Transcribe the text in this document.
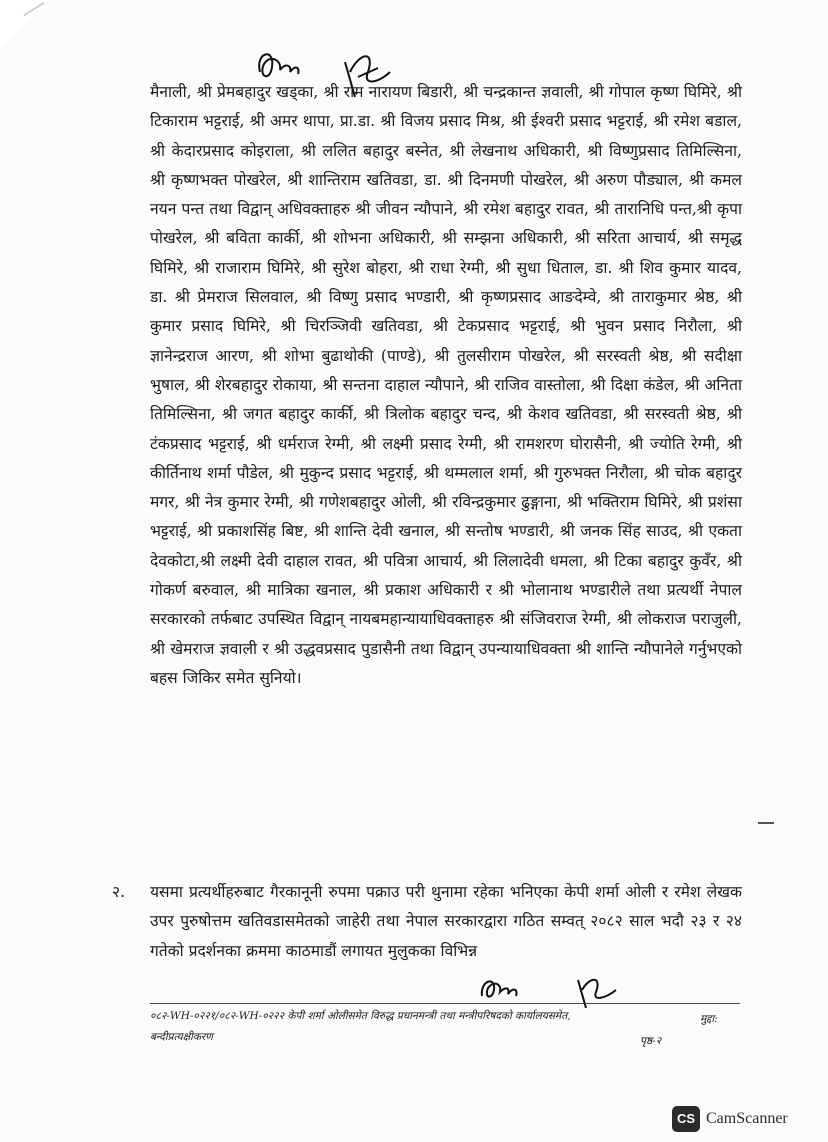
मैनाली, श्री प्रेमबहादुर खड्का, श्री राम नारायण बिडारी, श्री चन्द्रकान्त ज्ञवाली, श्री गोपाल कृष्ण घिमिरे, श्री टिकाराम भट्टराई, श्री अमर थापा, प्रा.डा. श्री विजय प्रसाद मिश्र, श्री ईश्वरी प्रसाद भट्टराई, श्री रमेश बडाल, श्री केदारप्रसाद कोइराला, श्री ललित बहादुर बस्नेत, श्री लेखनाथ अधिकारी, श्री विष्णुप्रसाद तिमिल्सिना, श्री कृष्णभक्त पोखरेल, श्री शान्तिराम खतिवडा, डा. श्री दिनमणी पोखरेल, श्री अरुण पौड्याल, श्री कमल नयन पन्त तथा विद्वान् अधिवक्ताहरु श्री जीवन न्यौपाने, श्री रमेश बहादुर रावत, श्री तारानिधि पन्त,श्री कृपा पोखरेल, श्री बविता कार्की, श्री शोभना अधिकारी, श्री सम्झना अधिकारी, श्री सरिता आचार्य, श्री समृद्ध घिमिरे, श्री राजाराम घिमिरे, श्री सुरेश बोहरा, श्री राधा रेग्मी, श्री सुधा धिताल, डा. श्री शिव कुमार यादव, डा. श्री प्रेमराज सिलवाल, श्री विष्णु प्रसाद भण्डारी, श्री कृष्णप्रसाद आङदेम्वे, श्री ताराकुमार श्रेष्ठ, श्री कुमार प्रसाद घिमिरे, श्री चिरञ्जिवी खतिवडा, श्री टेकप्रसाद भट्टराई, श्री भुवन प्रसाद निरौला, श्री ज्ञानेन्द्रराज आरण, श्री शोभा बुढाथोकी (पाण्डे), श्री तुलसीराम पोखरेल, श्री सरस्वती श्रेष्ठ, श्री सदीक्षा भुषाल, श्री शेरबहादुर रोकाया, श्री सन्तना दाहाल न्यौपाने, श्री राजिव वास्तोला, श्री दिक्षा कंडेल, श्री अनिता तिमिल्सिना, श्री जगत बहादुर कार्की, श्री त्रिलोक बहादुर चन्द, श्री केशव खतिवडा, श्री सरस्वती श्रेष्ठ, श्री टंकप्रसाद भट्टराई, श्री धर्मराज रेग्मी, श्री लक्ष्मी प्रसाद रेग्मी, श्री रामशरण घोरासैनी, श्री ज्योति रेग्मी, श्री कीर्तिनाथ शर्मा पौडेल, श्री मुकुन्द प्रसाद भट्टराई, श्री थम्मलाल शर्मा, श्री गुरुभक्त निरौला, श्री चोक बहादुर मगर, श्री नेत्र कुमार रेग्मी, श्री गणेशबहादुर ओली, श्री रविन्द्रकुमार ढुङ्गाना, श्री भक्तिराम घिमिरे, श्री प्रशंसा भट्टराई, श्री प्रकाशसिंह बिष्ट, श्री शान्ति देवी खनाल, श्री सन्तोष भण्डारी, श्री जनक सिंह साउद, श्री एकता देवकोटा,श्री लक्ष्मी देवी दाहाल रावत, श्री पवित्रा आचार्य, श्री लिलादेवी धमला, श्री टिका बहादुर कुवँर, श्री गोकर्ण बरुवाल, श्री मात्रिका खनाल, श्री प्रकाश अधिकारी र श्री भोलानाथ भण्डारीले तथा प्रत्यर्थी नेपाल सरकारको तर्फबाट उपस्थित विद्वान् नायबमहान्यायाधिवक्ताहरु श्री संजिवराज रेग्मी, श्री लोकराज पराजुली, श्री खेमराज ज्ञवाली र श्री उद्धवप्रसाद पुडासैनी तथा विद्वान् उपन्यायाधिवक्ता श्री शान्ति न्यौपानेले गर्नुभएको बहस जिकिर समेत सुनियो।

२. यसमा प्रत्यर्थीहरुबाट गैरकानूनी रुपमा पक्राउ परी थुनामा रहेका भनिएका केपी शर्मा ओली र रमेश लेखक उपर पुरुषोत्तम खतिवडासमेतको जाहेरी तथा नेपाल सरकारद्वारा गठित सम्वत् २०८२ साल भदौ २३ र २४ गतेको प्रदर्शनका क्रममा काठमाडौं लगायत मुलुकका विभिन्न

०८२-WH-०२२१/०८२-WH-०२२२ केपी शर्मा ओलीसमेत विरुद्ध प्रधानमन्त्री तथा मन्त्रीपरिषदको कार्यालयसमेत,	मुद्दा:
बन्दीप्रत्यक्षीकरण	पृष्ठ-२
CS CamScanner
